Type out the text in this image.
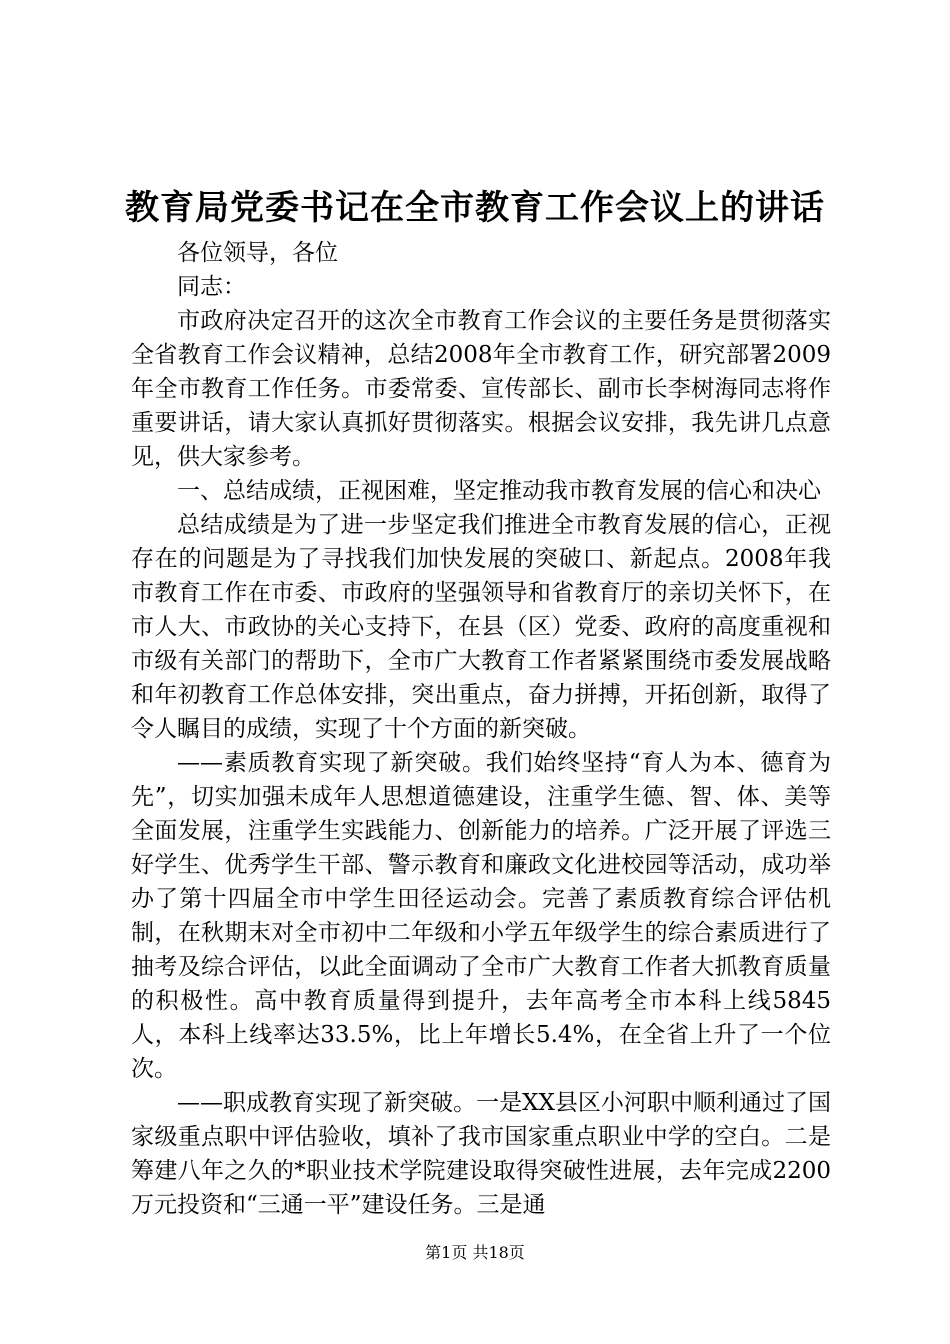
教育局党委书记在全市教育工作会议上的讲话

各位领导，各位

同志：

市政府决定召开的这次全市教育工作会议的主要任务是贯彻落实全省教育工作会议精神，总结2008年全市教育工作，研究部署2009年全市教育工作任务。市委常委、宣传部长、副市长李树海同志将作重要讲话，请大家认真抓好贯彻落实。根据会议安排，我先讲几点意见，供大家参考。

一、总结成绩，正视困难，坚定推动我市教育发展的信心和决心

总结成绩是为了进一步坚定我们推进全市教育发展的信心，正视存在的问题是为了寻找我们加快发展的突破口、新起点。2008年我市教育工作在市委、市政府的坚强领导和省教育厅的亲切关怀下，在市人大、市政协的关心支持下，在县（区）党委、政府的高度重视和市级有关部门的帮助下，全市广大教育工作者紧紧围绕市委发展战略和年初教育工作总体安排，突出重点，奋力拼搏，开拓创新，取得了令人瞩目的成绩，实现了十个方面的新突破。

——素质教育实现了新突破。我们始终坚持“育人为本、德育为先”，切实加强未成年人思想道德建设，注重学生德、智、体、美等全面发展，注重学生实践能力、创新能力的培养。广泛开展了评选三好学生、优秀学生干部、警示教育和廉政文化进校园等活动，成功举办了第十四届全市中学生田径运动会。完善了素质教育综合评估机制，在秋期末对全市初中二年级和小学五年级学生的综合素质进行了抽考及综合评估，以此全面调动了全市广大教育工作者大抓教育质量的积极性。高中教育质量得到提升，去年高考全市本科上线5845人，本科上线率达33.5%，比上年增长5.4%，在全省上升了一个位次。

——职成教育实现了新突破。一是XX县区小河职中顺利通过了国家级重点职中评估验收，填补了我市国家重点职业中学的空白。二是筹建八年之久的*职业技术学院建设取得突破性进展，去年完成2200万元投资和“三通一平”建设任务。三是通

第1页 共18页
